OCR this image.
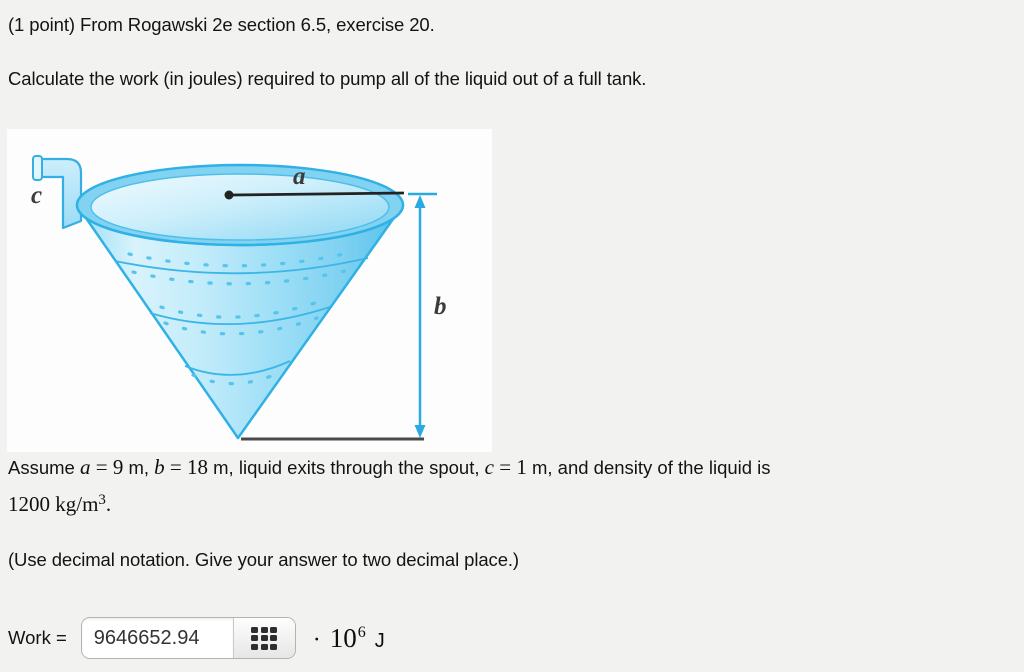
(1 point) From Rogawski 2e section 6.5, exercise 20.
Calculate the work (in joules) required to pump all of the liquid out of a full tank.
a
b
c
Assume a = 9 m, b = 18 m, liquid exits through the spout, c = 1 m, and density of the liquid is
1200 $kg/m^3$.
(Use decimal notation. Give your answer to two decimal place.)
Work =
9646652.94	· 10 6 J
